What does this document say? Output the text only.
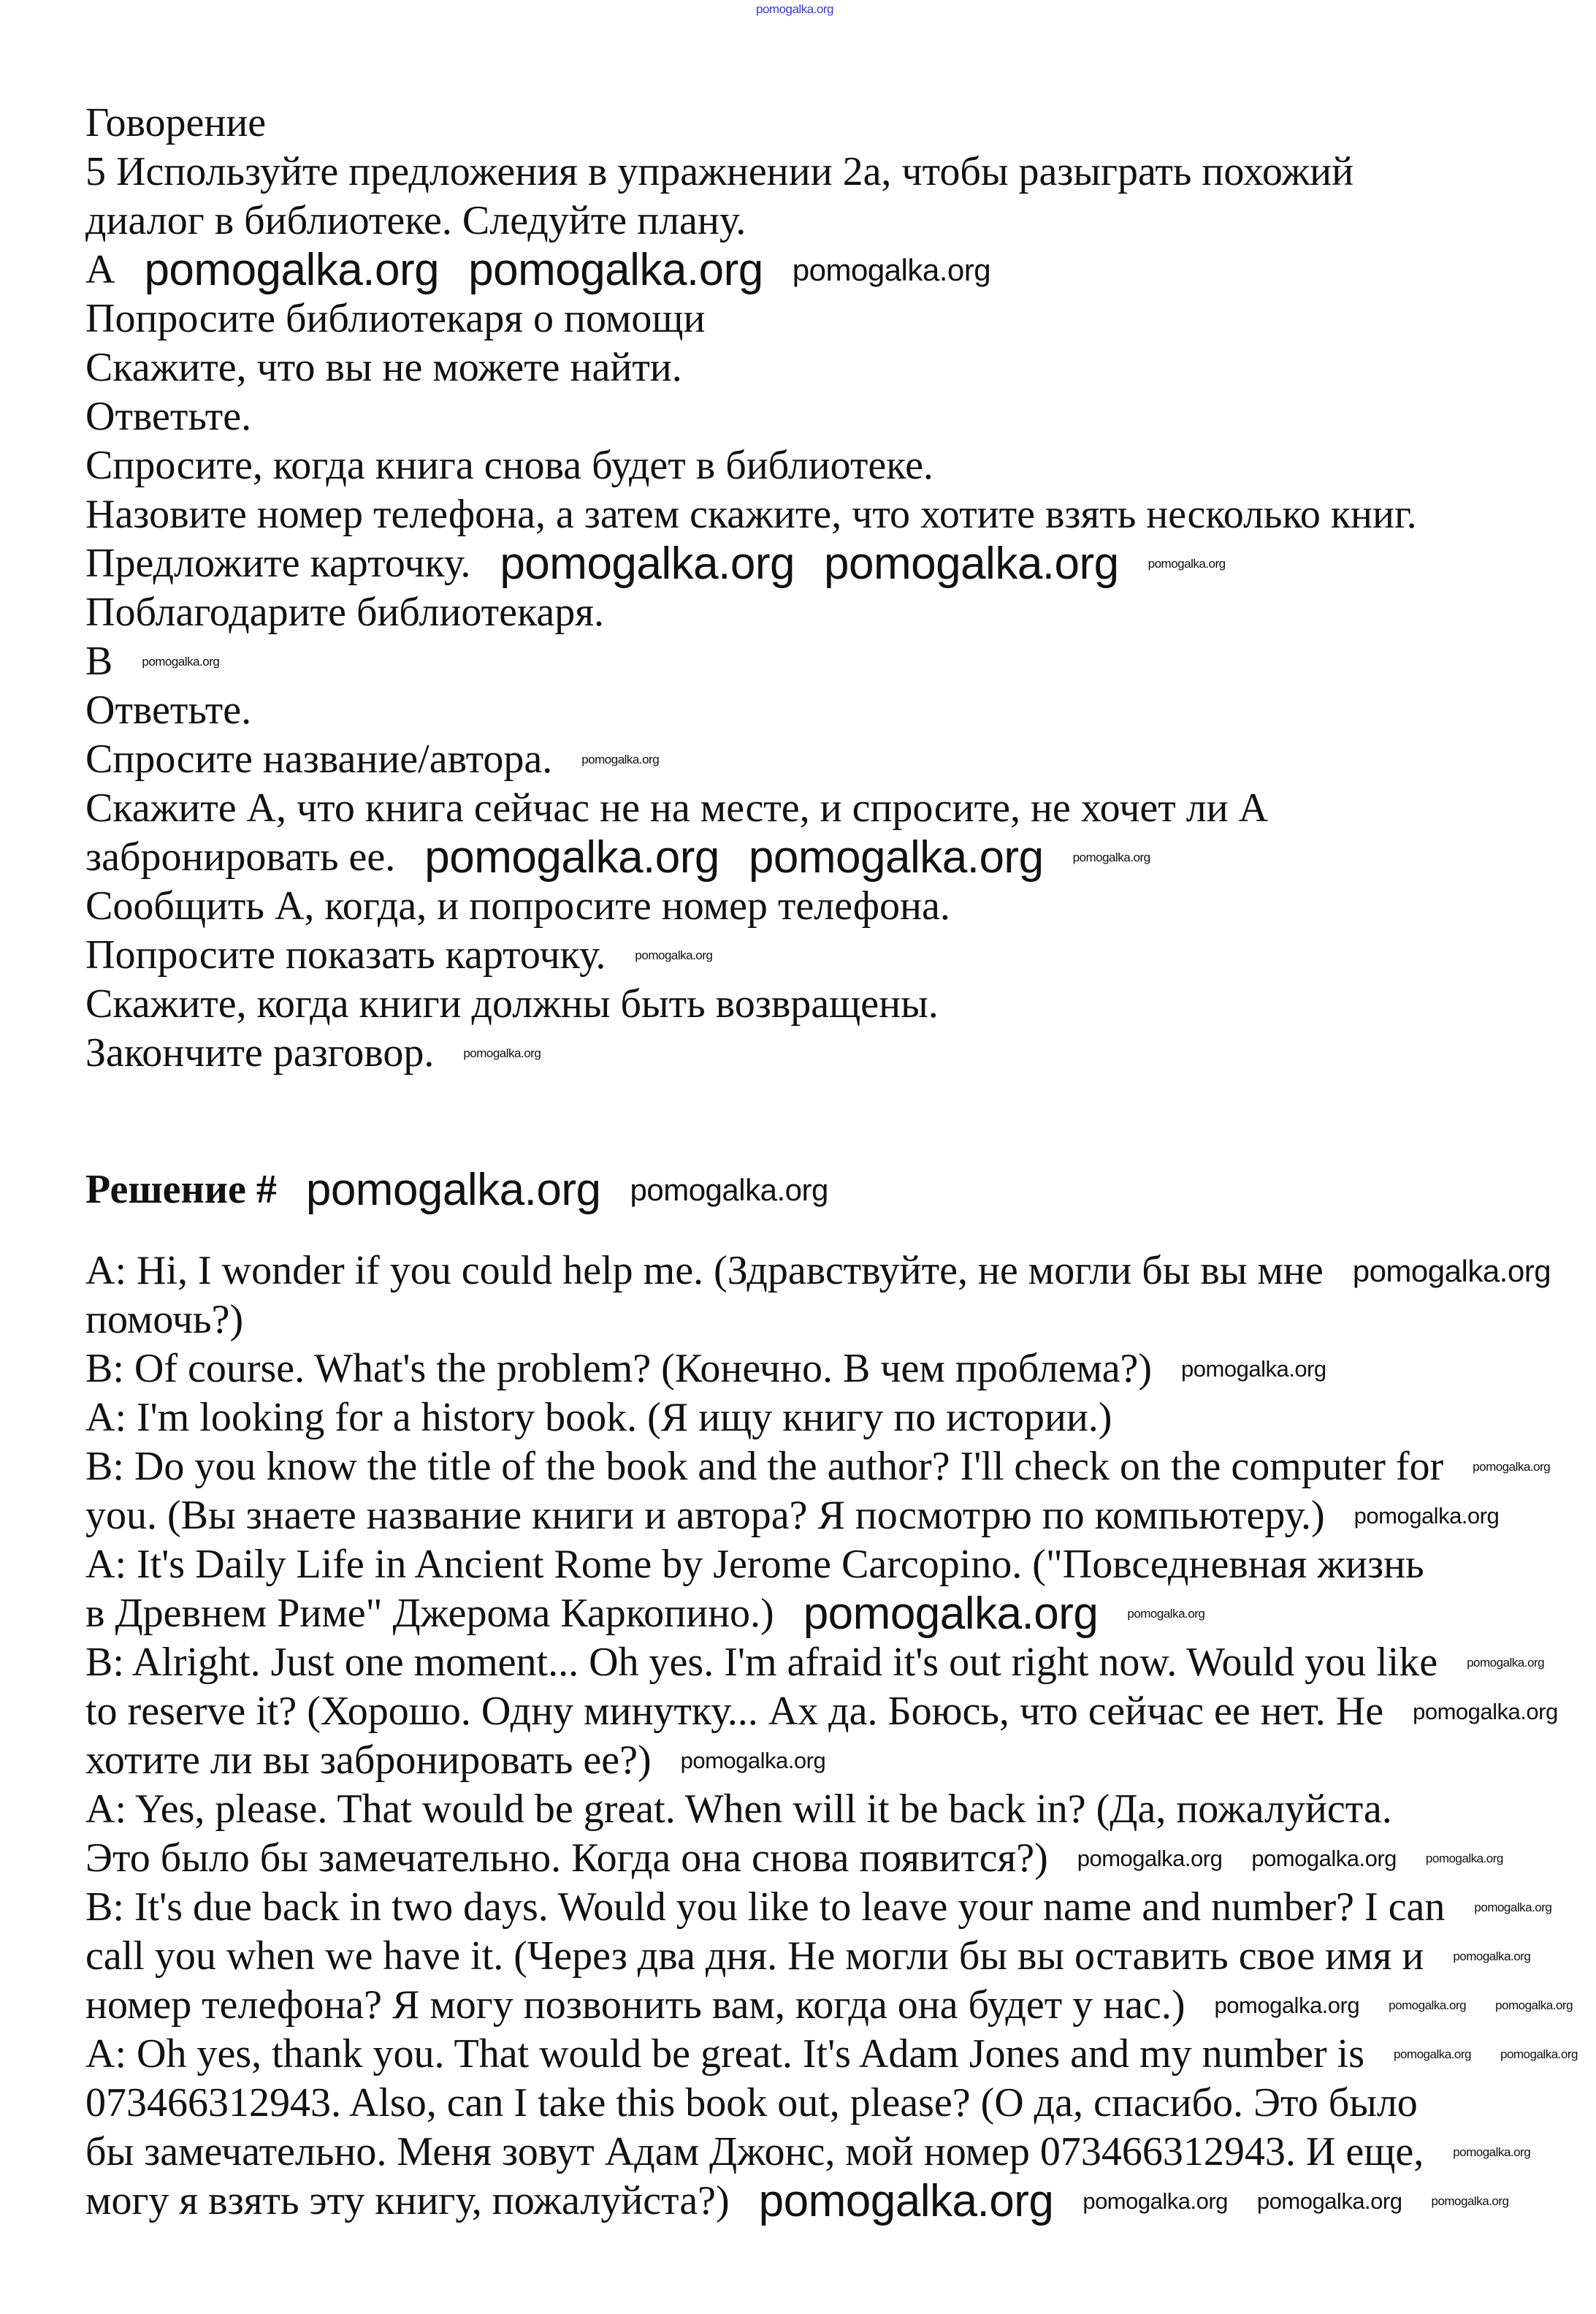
pomogalka.org
Говорение
5 Используйте предложения в упражнении 2а, чтобы разыграть похожий
диалог в библиотеке. Следуйте плану.
A
Попросите библиотекаря о помощи
Скажите, что вы не можете найти.
Ответьте.
Спросите, когда книга снова будет в библиотеке.
Назовите номер телефона, а затем скажите, что хотите взять несколько книг.
Предложите карточку.
Поблагодарите библиотекаря.
B
Ответьте.
Спросите название/автора.
Скажите А, что книга сейчас не на месте, и спросите, не хочет ли А
забронировать ее.
Сообщить А, когда, и попросите номер телефона.
Попросите показать карточку.
Скажите, когда книги должны быть возвращены.
Закончите разговор.
Решение #
A: Hi, I wonder if you could help me. (Здравствуйте, не могли бы вы мне
помочь?)
B: Of course. What's the problem? (Конечно. В чем проблема?)
A: I'm looking for a history book. (Я ищу книгу по истории.)
B: Do you know the title of the book and the author? I'll check on the computer for
you. (Вы знаете название книги и автора? Я посмотрю по компьютеру.)
A: It's Daily Life in Ancient Rome by Jerome Carcopino. ("Повседневная жизнь
в Древнем Риме" Джерома Каркопино.)
B: Alright. Just one moment... Oh yes. I'm afraid it's out right now. Would you like
to reserve it? (Хорошо. Одну минутку... Ах да. Боюсь, что сейчас ее нет. Не
хотите ли вы забронировать ее?)
A: Yes, please. That would be great. When will it be back in? (Да, пожалуйста.
Это было бы замечательно. Когда она снова появится?)
B: It's due back in two days. Would you like to leave your name and number? I can
call you when we have it. (Через два дня. Не могли бы вы оставить свое имя и
номер телефона? Я могу позвонить вам, когда она будет у нас.)
A: Oh yes, thank you. That would be great. It's Adam Jones and my number is
073466312943. Also, can I take this book out, please? (О да, спасибо. Это было
бы замечательно. Меня зовут Адам Джонс, мой номер 073466312943. И еще,
могу я взять эту книгу, пожалуйста?)
pomogalka.org pomogalka.org
pomogalka.org pomogalka.org
pomogalka.org pomogalka.org
pomogalka.org
pomogalka.org
pomogalka.org
pomogalka.org
pomogalka.org
pomogalka.org
pomogalka.org
pomogalka.org
pomogalka.org
pomogalka.org
pomogalka.org pomogalka.org
pomogalka.org
pomogalka.org pomogalka.org
pomogalka.org
pomogalka.org
pomogalka.org
pomogalka.org
pomogalka.org
pomogalka.org
pomogalka.org
pomogalka.org
pomogalka.org
pomogalka.org
pomogalka.org
pomogalka.org
pomogalka.org pomogalka.org
pomogalka.org pomogalka.org
pomogalka.org
pomogalka.org
